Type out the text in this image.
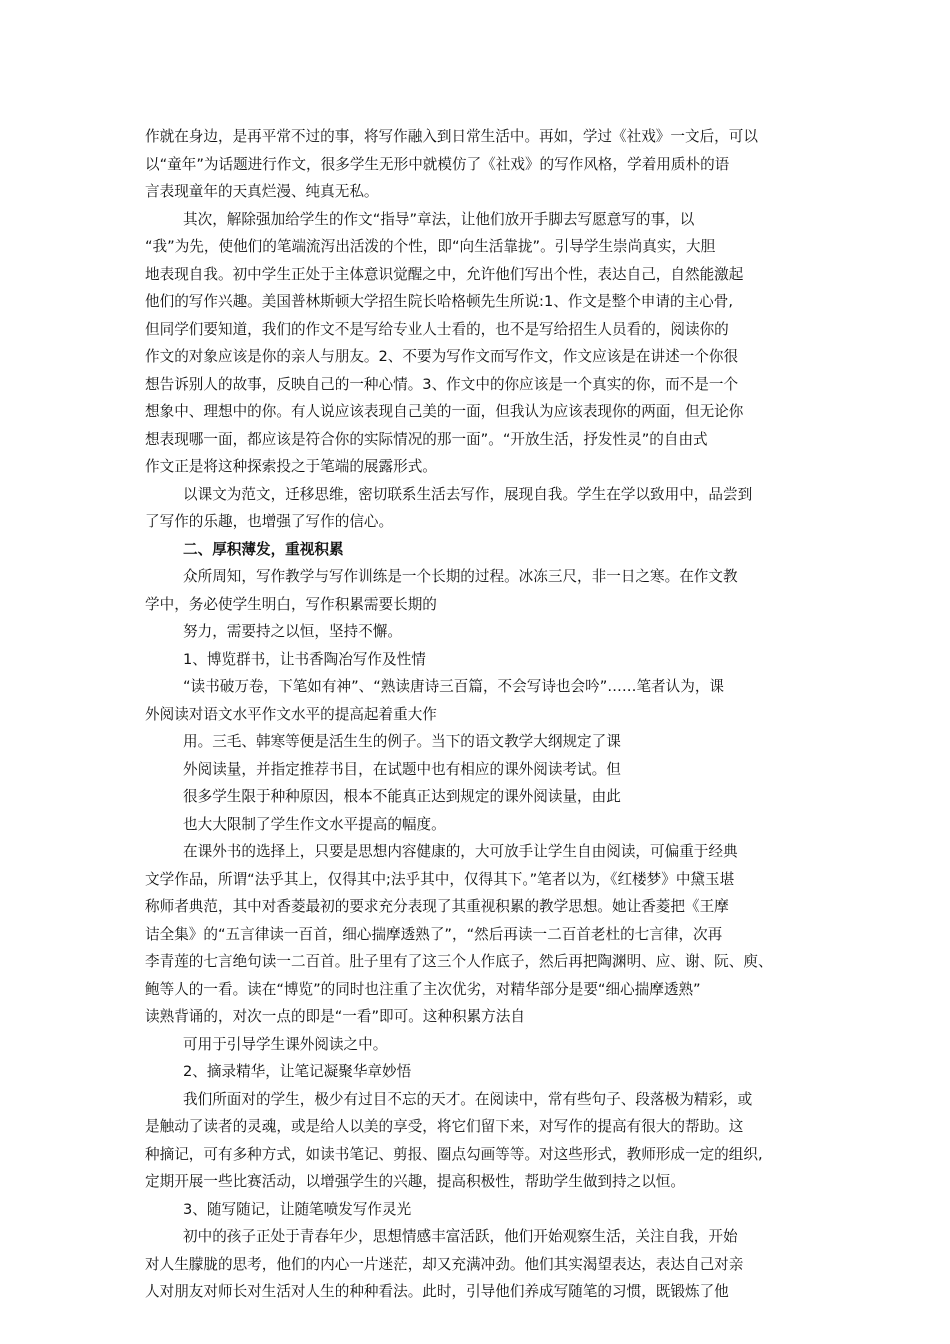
作就在身边，是再平常不过的事，将写作融入到日常生活中。再如，学过《社戏》一文后，可以
以“童年”为话题进行作文，很多学生无形中就模仿了《社戏》的写作风格，学着用质朴的语
言表现童年的天真烂漫、纯真无私。
其次，解除强加给学生的作文“指导”章法，让他们放开手脚去写愿意写的事，以
“我”为先，使他们的笔端流泻出活泼的个性，即“向生活靠拢”。引导学生崇尚真实，大胆
地表现自我。初中学生正处于主体意识觉醒之中，允许他们写出个性，表达自己，自然能激起
他们的写作兴趣。美国普林斯顿大学招生院长哈格顿先生所说:1、作文是整个申请的主心骨,
但同学们要知道，我们的作文不是写给专业人士看的，也不是写给招生人员看的，阅读你的
作文的对象应该是你的亲人与朋友。2、不要为写作文而写作文，作文应该是在讲述一个你很
想告诉别人的故事，反映自己的一种心情。3、作文中的你应该是一个真实的你，而不是一个
想象中、理想中的你。有人说应该表现自己美的一面，但我认为应该表现你的两面，但无论你
想表现哪一面，都应该是符合你的实际情况的那一面”。“开放生活，抒发性灵”的自由式
作文正是将这种探索投之于笔端的展露形式。
以课文为范文，迁移思维，密切联系生活去写作，展现自我。学生在学以致用中，品尝到
了写作的乐趣，也增强了写作的信心。
二、厚积薄发，重视积累
众所周知，写作教学与写作训练是一个长期的过程。冰冻三尺，非一日之寒。在作文教
学中，务必使学生明白，写作积累需要长期的
努力，需要持之以恒，坚持不懈。
1、博览群书，让书香陶冶写作及性情
“读书破万卷，下笔如有神”、“熟读唐诗三百篇，不会写诗也会吟”……笔者认为，课
外阅读对语文水平作文水平的提高起着重大作
用。三毛、韩寒等便是活生生的例子。当下的语文教学大纲规定了课
外阅读量，并指定推荐书目，在试题中也有相应的课外阅读考试。但
很多学生限于种种原因，根本不能真正达到规定的课外阅读量，由此
也大大限制了学生作文水平提高的幅度。
在课外书的选择上，只要是思想内容健康的，大可放手让学生自由阅读，可偏重于经典
文学作品，所谓“法乎其上，仅得其中;法乎其中，仅得其下。”笔者以为，《红楼梦》中黛玉堪
称师者典范，其中对香菱最初的要求充分表现了其重视积累的教学思想。她让香菱把《王摩
诘全集》的“五言律读一百首，细心揣摩透熟了”，“然后再读一二百首老杜的七言律，次再
李青莲的七言绝句读一二百首。肚子里有了这三个人作底子，然后再把陶渊明、应、谢、阮、庾、
鲍等人的一看。读在“博览”的同时也注重了主次优劣，对精华部分是要“细心揣摩透熟”
读熟背诵的，对次一点的即是“一看”即可。这种积累方法自
可用于引导学生课外阅读之中。
2、摘录精华，让笔记凝聚华章妙悟
我们所面对的学生，极少有过目不忘的天才。在阅读中，常有些句子、段落极为精彩，或
是触动了读者的灵魂，或是给人以美的享受，将它们留下来，对写作的提高有很大的帮助。这
种摘记，可有多种方式，如读书笔记、剪报、圈点勾画等等。对这些形式，教师形成一定的组织,
定期开展一些比赛活动，以增强学生的兴趣，提高积极性，帮助学生做到持之以恒。
3、随写随记，让随笔喷发写作灵光
初中的孩子正处于青春年少，思想情感丰富活跃，他们开始观察生活，关注自我，开始
对人生朦胧的思考，他们的内心一片迷茫，却又充满冲劲。他们其实渴望表达，表达自己对亲
人对朋友对师长对生活对人生的种种看法。此时，引导他们养成写随笔的习惯，既锻炼了他
